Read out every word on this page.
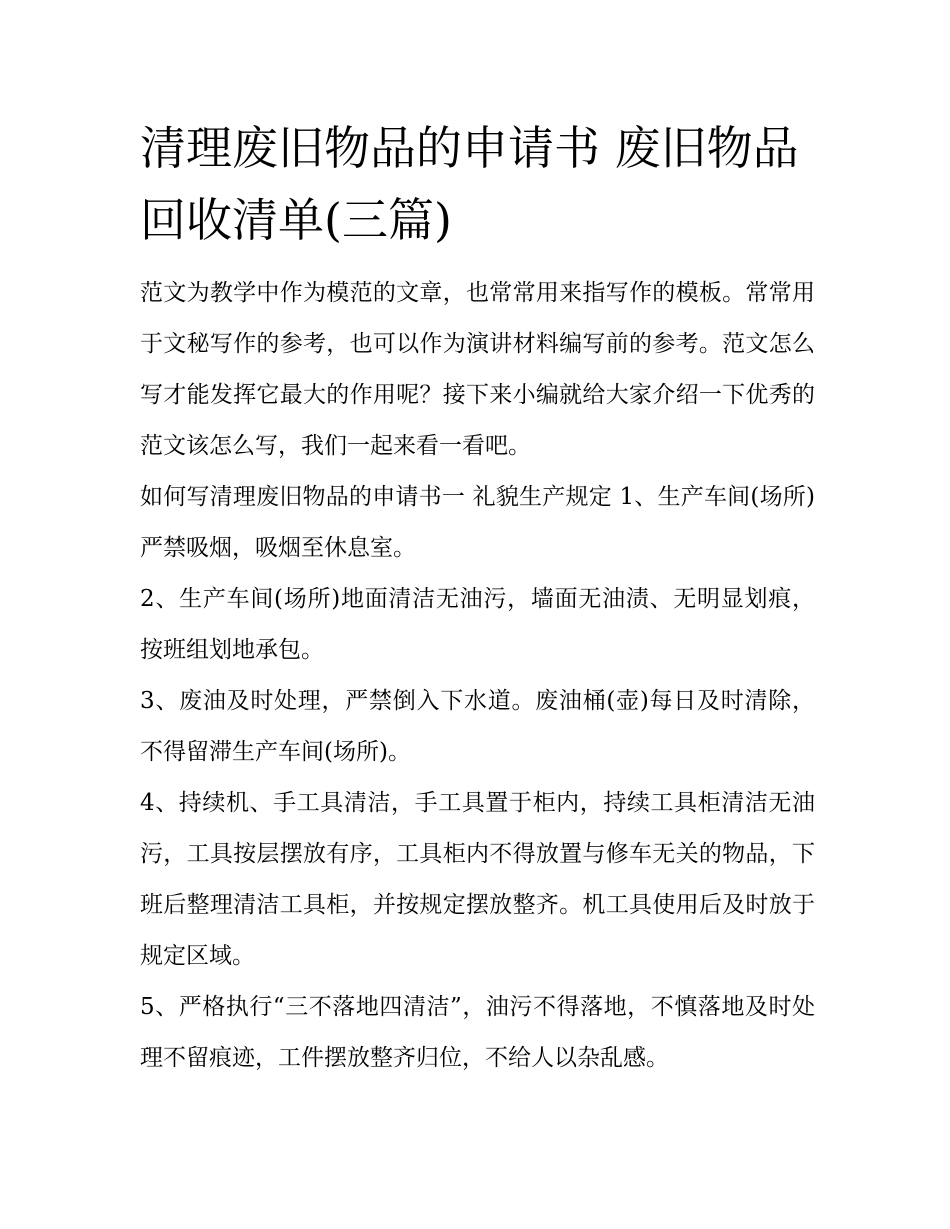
清理废旧物品的申请书 废旧物品回收清单(三篇)

范文为教学中作为模范的文章，也常常用来指写作的模板。常常用于文秘写作的参考，也可以作为演讲材料编写前的参考。范文怎么写才能发挥它最大的作用呢？接下来小编就给大家介绍一下优秀的范文该怎么写，我们一起来看一看吧。

如何写清理废旧物品的申请书一 礼貌生产规定 1、生产车间(场所)严禁吸烟，吸烟至休息室。

2、生产车间(场所)地面清洁无油污，墙面无油渍、无明显划痕，按班组划地承包。

3、废油及时处理，严禁倒入下水道。废油桶(壶)每日及时清除，不得留滞生产车间(场所)。

4、持续机、手工具清洁，手工具置于柜内，持续工具柜清洁无油污，工具按层摆放有序，工具柜内不得放置与修车无关的物品，下班后整理清洁工具柜，并按规定摆放整齐。机工具使用后及时放于规定区域。

5、严格执行“三不落地四清洁”，油污不得落地，不慎落地及时处理不留痕迹，工件摆放整齐归位，不给人以杂乱感。
